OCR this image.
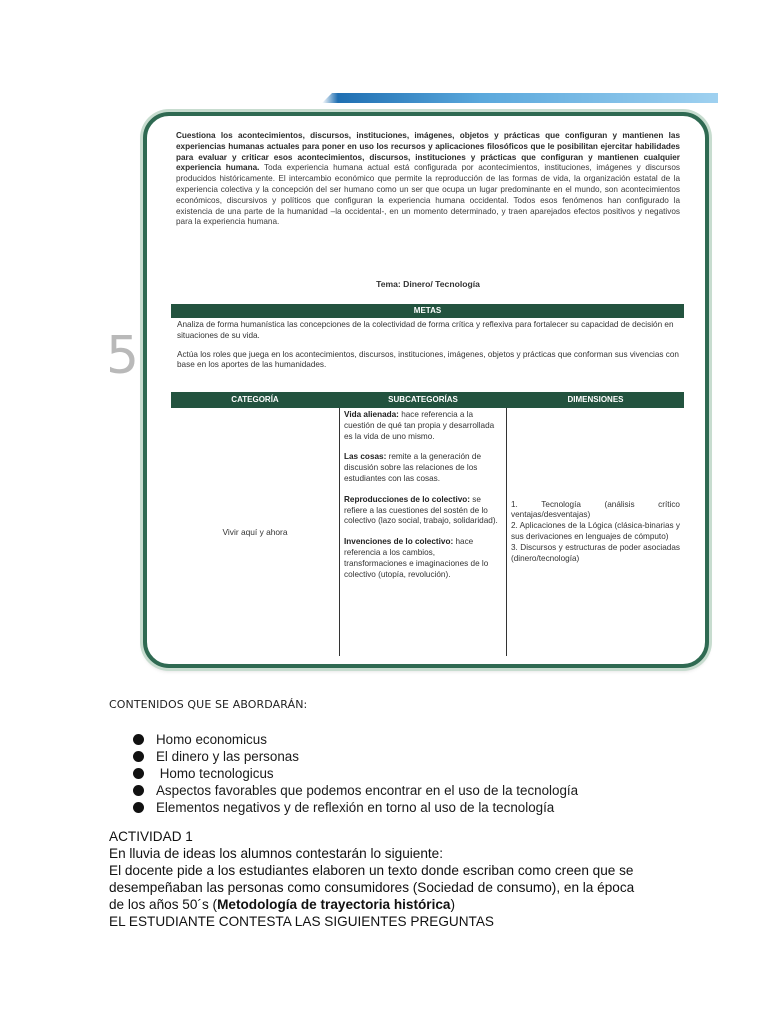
5
Cuestiona los acontecimientos, discursos, instituciones, imágenes, objetos y prácticas que configuran y mantienen las experiencias humanas actuales para poner en uso los recursos y aplicaciones filosóficos que le posibilitan ejercitar habilidades para evaluar y criticar esos acontecimientos, discursos, instituciones y prácticas que configuran y mantienen cualquier experiencia humana. Toda experiencia humana actual está configurada por acontecimientos, instituciones, imágenes y discursos producidos históricamente. El intercambio económico que permite la reproducción de las formas de vida, la organización estatal de la experiencia colectiva y la concepción del ser humano como un ser que ocupa un lugar predominante en el mundo, son acontecimientos económicos, discursivos y políticos que configuran la experiencia humana occidental. Todos esos fenómenos han configurado la existencia de una parte de la humanidad –la occidental-, en un momento determinado, y traen aparejados efectos positivos y negativos para la experiencia humana.
Tema: Dinero/ Tecnología
METAS

Analiza de forma humanística las concepciones de la colectividad de forma crítica y reflexiva para fortalecer su capacidad de decisión en situaciones de su vida.

Actúa los roles que juega en los acontecimientos, discursos, instituciones, imágenes, objetos y prácticas que conforman sus vivencias con base en los aportes de las humanidades.

CATEGORÍA	SUBCATEGORÍAS	DIMENSIONES
Vivir aquí y ahora

Vida alienada: hace referencia a la cuestión de qué tan propia y desarrollada es la vida de uno mismo.

Las cosas: remite a la generación de discusión sobre las relaciones de los estudiantes con las cosas.

Reproducciones de lo colectivo: se refiere a las cuestiones del sostén de lo colectivo (lazo social, trabajo, solidaridad).

Invenciones de lo colectivo: hace referencia a los cambios, transformaciones e imaginaciones de lo colectivo (utopía, revolución).

1. Tecnología (análisis crítico ventajas/desventajas)

2. Aplicaciones de la Lógica (clásica-binarias y sus derivaciones en lenguajes de cómputo)

3. Discursos y estructuras de poder asociadas (dinero/tecnología)

CONTENIDOS QUE SE ABORDARÁN:
Homo economicus
El dinero y las personas
Homo tecnologicus
Aspectos favorables que podemos encontrar en el uso de la tecnología
Elementos negativos y de reflexión en torno al uso de la tecnología
ACTIVIDAD 1
En lluvia de ideas los alumnos contestarán lo siguiente:
El docente pide a los estudiantes elaboren un texto donde escriban como creen que se
desempeñaban las personas como consumidores (Sociedad de consumo), en la época
de los años 50´s (Metodología de trayectoria histórica)
EL ESTUDIANTE CONTESTA LAS SIGUIENTES PREGUNTAS
